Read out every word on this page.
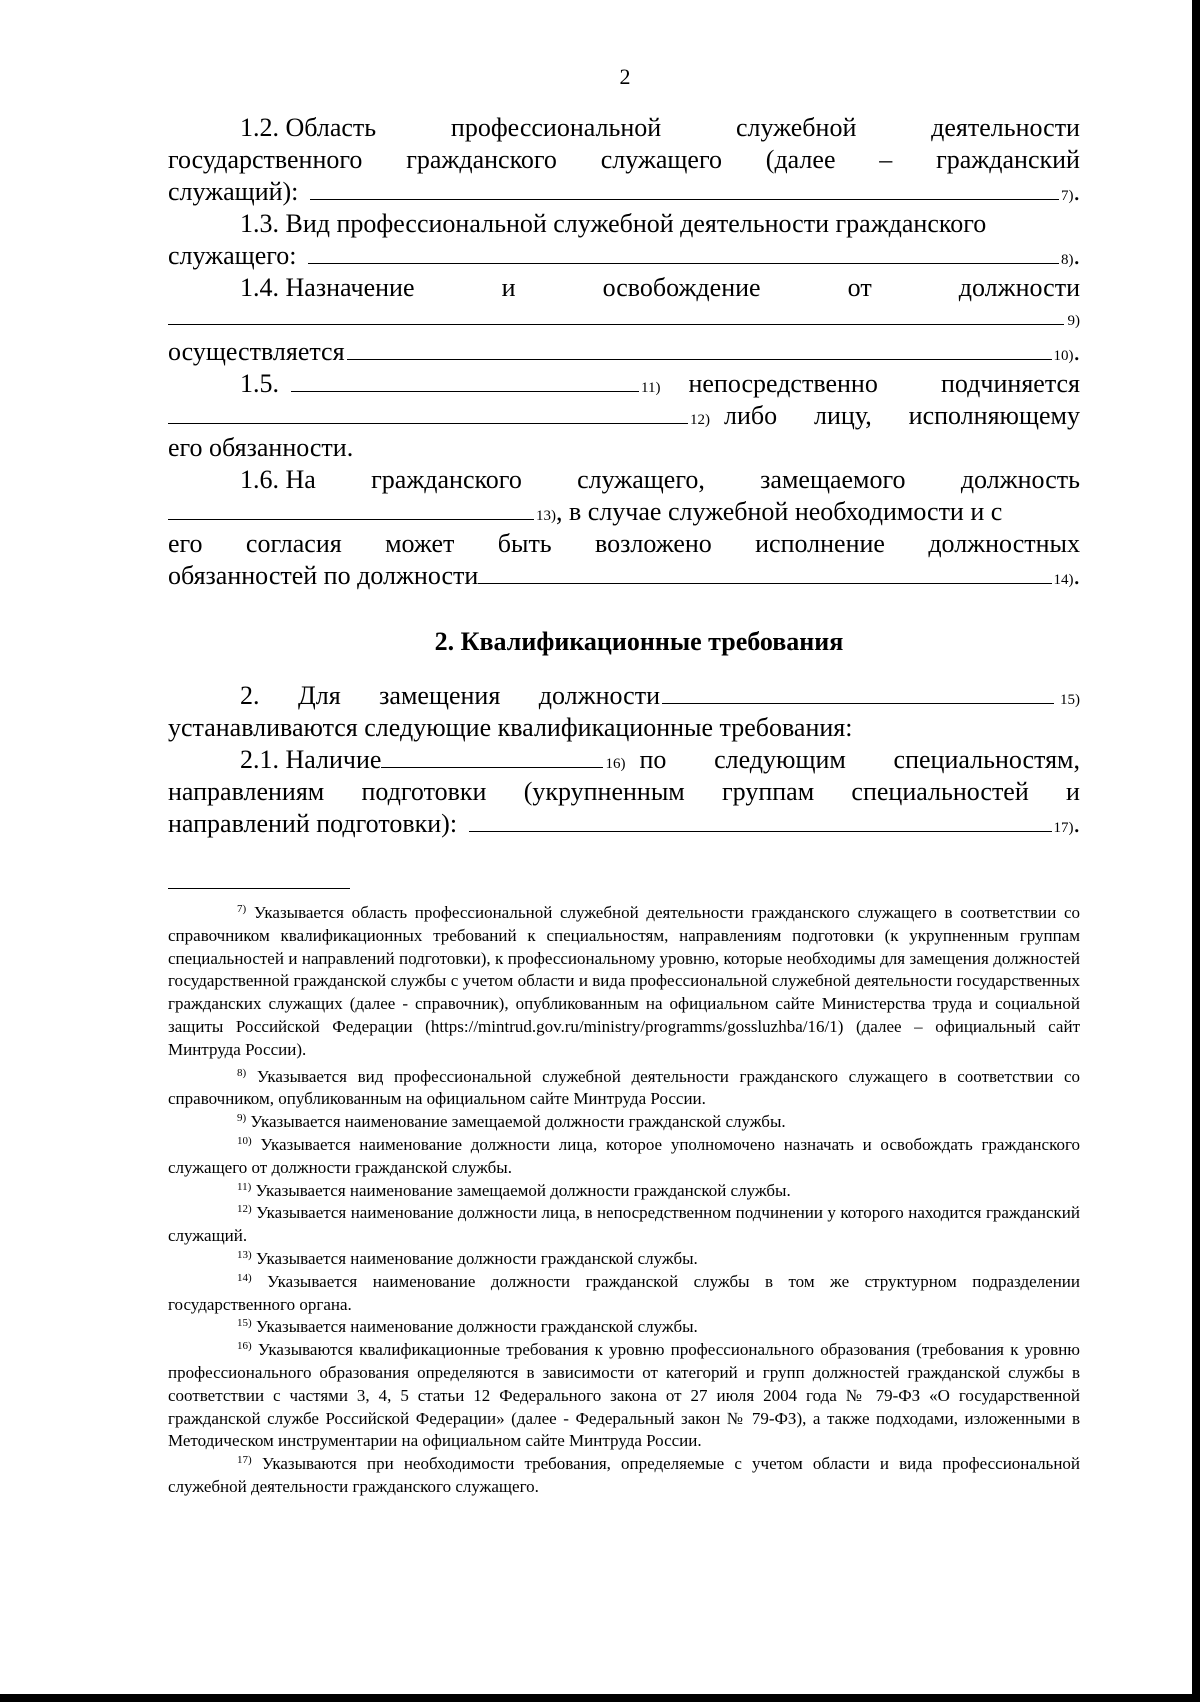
2
1.2. Область	профессиональной	служебной	деятельности
государственного гражданского служащего (далее – гражданский
служащий):	7) .
1.3. Вид профессиональной служебной деятельности гражданского
служащего:	8) .
1.4. Назначение	и	освобождение	от	должности
9)
осуществляется	10) .
1.5.	11) непосредственно подчиняется
12) либо лицу, исполняющему
его обязанности.
1.6. На гражданского служащего, замещаемого должность
13) , в случае служебной необходимости и с
его согласия может быть возложено исполнение должностных
обязанностей по должности	14) .
2. Квалификационные требования
2. Для замещения должности	15)
устанавливаются следующие квалификационные требования:
2.1. Наличие	16) по следующим специальностям,
направлениям подготовки (укрупненным группам специальностей и
направлений подготовки):	17) .

$^{7)}$ Указывается область профессиональной служебной деятельности гражданского служащего в соответствии со справочником квалификационных требований к специальностям, направлениям подготовки (к укрупненным группам специальностей и направлений подготовки), к профессиональному уровню, которые необходимы для замещения должностей государственной гражданской службы с учетом области и вида профессиональной служебной деятельности государственных гражданских служащих (далее - справочник), опубликованным на официальном сайте Министерства труда и социальной защиты Российской Федерации (https://mintrud.gov.ru/ministry/programms/gossluzhba/16/1) (далее – официальный сайт Минтруда России).

$^{8)}$ Указывается вид профессиональной служебной деятельности гражданского служащего в соответствии со справочником, опубликованным на официальном сайте Минтруда России.

$^{9)}$ Указывается наименование замещаемой должности гражданской службы.

$^{10)}$ Указывается наименование должности лица, которое уполномочено назначать и освобождать гражданского служащего от должности гражданской службы.

$^{11)}$ Указывается наименование замещаемой должности гражданской службы.

$^{12)}$ Указывается наименование должности лица, в непосредственном подчинении у которого находится гражданский служащий.

$^{13)}$ Указывается наименование должности гражданской службы.

$^{14)}$ Указывается наименование должности гражданской службы в том же структурном подразделении государственного органа.

$^{15)}$ Указывается наименование должности гражданской службы.

$^{16)}$ Указываются квалификационные требования к уровню профессионального образования (требования к уровню профессионального образования определяются в зависимости от категорий и групп должностей гражданской службы в соответствии с частями 3, 4, 5 статьи 12 Федерального закона от 27 июля 2004 года № 79-ФЗ «О государственной гражданской службе Российской Федерации» (далее - Федеральный закон № 79-ФЗ), а также подходами, изложенными в Методическом инструментарии на официальном сайте Минтруда России.

$^{17)}$ Указываются при необходимости требования, определяемые с учетом области и вида профессиональной служебной деятельности гражданского служащего.
